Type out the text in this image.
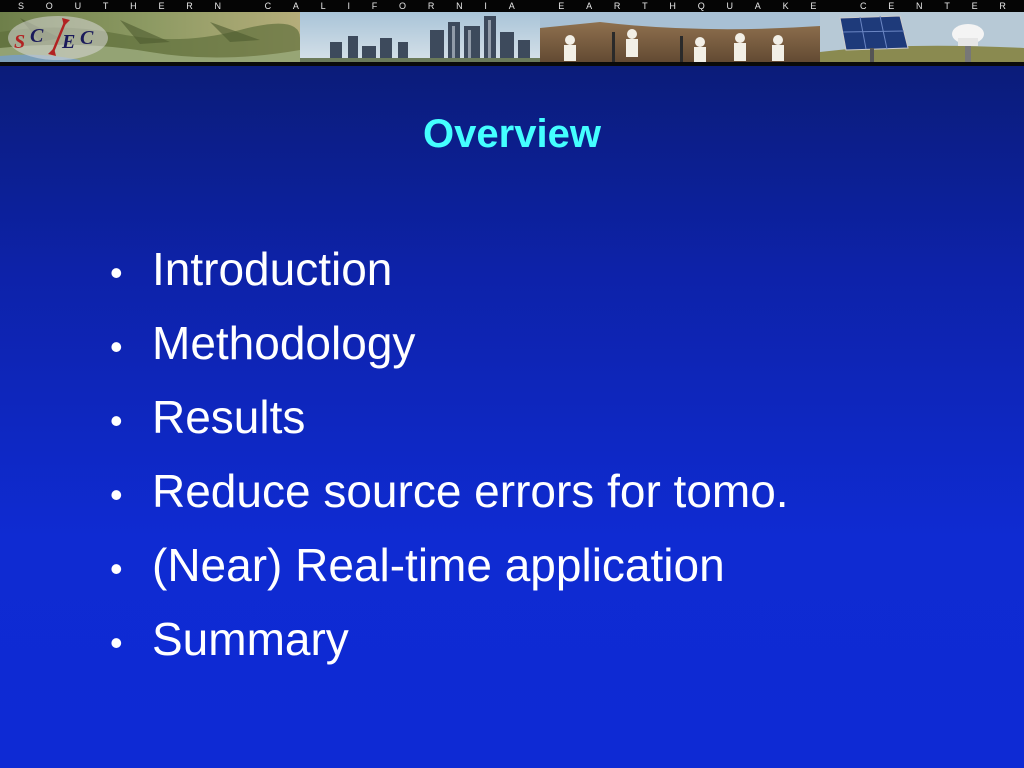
S O U T H E R N	C A L I F O R N I A	E A R T H Q U A K E	C E N T E R
S C E C
Overview
• Introduction
• Methodology
• Results
• Reduce source errors for tomo.
• (Near) Real-time application
• Summary
